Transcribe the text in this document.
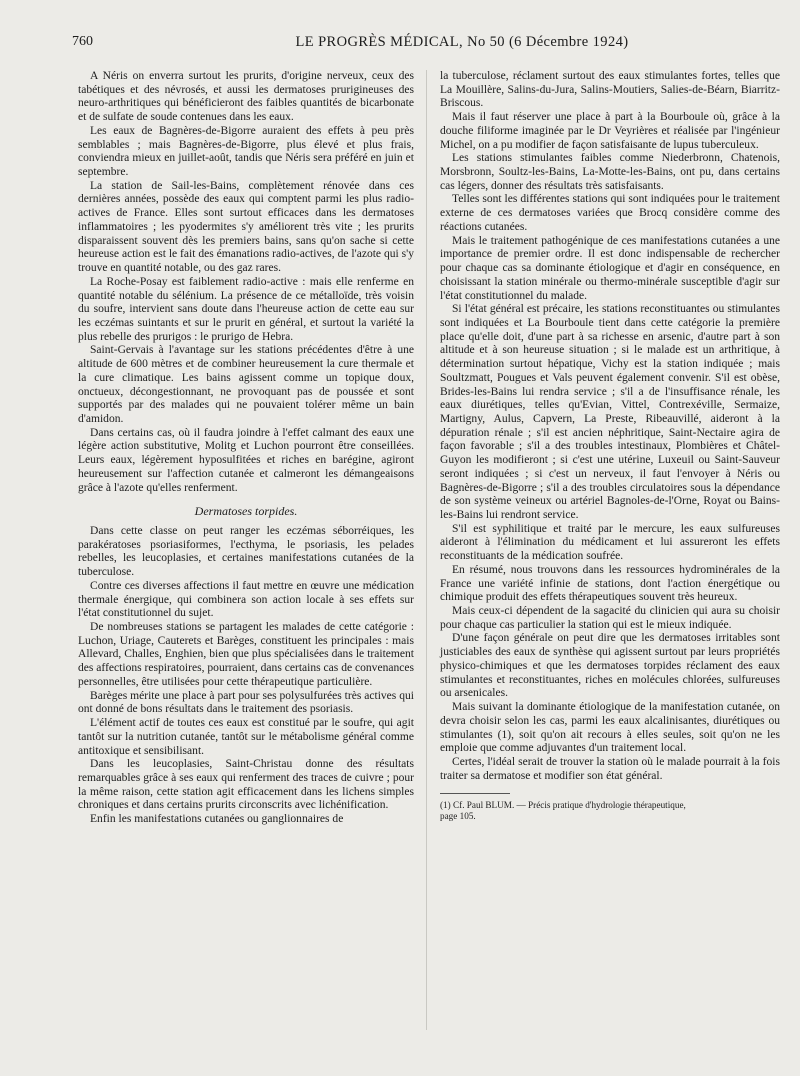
760	LE PROGRÈS MÉDICAL, No 50 (6 Décembre 1924)

A Néris on enverra surtout les prurits, d'origine nerveux, ceux des tabétiques et des névrosés, et aussi les dermatoses prurigineuses des neuro-arthritiques qui bénéficieront des faibles quantités de bicarbonate et de sulfate de soude contenues dans les eaux.

Les eaux de Bagnères-de-Bigorre auraient des effets à peu près semblables ; mais Bagnères-de-Bigorre, plus élevé et plus frais, conviendra mieux en juillet-août, tandis que Néris sera préféré en juin et septembre.

La station de Sail-les-Bains, complètement rénovée dans ces dernières années, possède des eaux qui comptent parmi les plus radio-actives de France. Elles sont surtout efficaces dans les dermatoses inflammatoires ; les pyodermites s'y améliorent très vite ; les prurits disparaissent souvent dès les premiers bains, sans qu'on sache si cette heureuse action est le fait des émanations radio-actives, de l'azote qui s'y trouve en quantité notable, ou des gaz rares.

La Roche-Posay est faiblement radio-active : mais elle renferme en quantité notable du sélénium. La présence de ce métalloïde, très voisin du soufre, intervient sans doute dans l'heureuse action de cette eau sur les eczémas suintants et sur le prurit en général, et surtout la variété la plus rebelle des prurigos : le prurigo de Hebra.

Saint-Gervais à l'avantage sur les stations précédentes d'être à une altitude de 600 mètres et de combiner heureusement la cure thermale et la cure climatique. Les bains agissent comme un topique doux, onctueux, décongestionnant, ne provoquant pas de poussée et sont supportés par des malades qui ne pouvaient tolérer même un bain d'amidon.

Dans certains cas, où il faudra joindre à l'effet calmant des eaux une légère action substitutive, Molitg et Luchon pourront être conseillées. Leurs eaux, légèrement hyposulfitées et riches en barégine, agiront heureusement sur l'affection cutanée et calmeront les démangeaisons grâce à l'azote qu'elles renferment.

Dermatoses torpides.

Dans cette classe on peut ranger les eczémas séborréiques, les parakératoses psoriasiformes, l'ecthyma, le psoriasis, les pelades rebelles, les leucoplasies, et certaines manifestations cutanées de la tuberculose.

Contre ces diverses affections il faut mettre en œuvre une médication thermale énergique, qui combinera son action locale à ses effets sur l'état constitutionnel du sujet.

De nombreuses stations se partagent les malades de cette catégorie : Luchon, Uriage, Cauterets et Barèges, constituent les principales : mais Allevard, Challes, Enghien, bien que plus spécialisées dans le traitement des affections respiratoires, pourraient, dans certains cas de convenances personnelles, être utilisées pour cette thérapeutique particulière.

Barèges mérite une place à part pour ses polysulfurées très actives qui ont donné de bons résultats dans le traitement des psoriasis.

L'élément actif de toutes ces eaux est constitué par le soufre, qui agit tantôt sur la nutrition cutanée, tantôt sur le métabolisme général comme antitoxique et sensibilisant.

Dans les leucoplasies, Saint-Christau donne des résultats remarquables grâce à ses eaux qui renferment des traces de cuivre ; pour la même raison, cette station agit efficacement dans les lichens simples chroniques et dans certains prurits circonscrits avec lichénification.

Enfin les manifestations cutanées ou ganglionnaires de

la tuberculose, réclament surtout des eaux stimulantes fortes, telles que La Mouillère, Salins-du-Jura, Salins-Moutiers, Salies-de-Béarn, Biarritz-Briscous.

Mais il faut réserver une place à part à la Bourboule où, grâce à la douche filiforme imaginée par le Dr Veyrières et réalisée par l'ingénieur Michel, on a pu modifier de façon satisfaisante de lupus tuberculeux.

Les stations stimulantes faibles comme Niederbronn, Chatenois, Morsbronn, Soultz-les-Bains, La-Motte-les-Bains, ont pu, dans certains cas légers, donner des résultats très satisfaisants.

Telles sont les différentes stations qui sont indiquées pour le traitement externe de ces dermatoses variées que Brocq considère comme des réactions cutanées.

Mais le traitement pathogénique de ces manifestations cutanées a une importance de premier ordre. Il est donc indispensable de rechercher pour chaque cas sa dominante étiologique et d'agir en conséquence, en choisissant la station minérale ou thermo-minérale susceptible d'agir sur l'état constitutionnel du malade.

Si l'état général est précaire, les stations reconstituantes ou stimulantes sont indiquées et La Bourboule tient dans cette catégorie la première place qu'elle doit, d'une part à sa richesse en arsenic, d'autre part à son altitude et à son heureuse situation ; si le malade est un arthritique, à détermination surtout hépatique, Vichy est la station indiquée ; mais Soultzmatt, Pougues et Vals peuvent également convenir. S'il est obèse, Brides-les-Bains lui rendra service ; s'il a de l'insuffisance rénale, les eaux diurétiques, telles qu'Evian, Vittel, Contrexéville, Sermaize, Martigny, Aulus, Capvern, La Preste, Ribeauvillé, aideront à la dépuration rénale ; s'il est ancien néphritique, Saint-Nectaire agira de façon favorable ; s'il a des troubles intestinaux, Plombières et Châtel-Guyon les modifieront ; si c'est une utérine, Luxeuil ou Saint-Sauveur seront indiquées ; si c'est un nerveux, il faut l'envoyer à Néris ou Bagnères-de-Bigorre ; s'il a des troubles circulatoires sous la dépendance de son système veineux ou artériel Bagnoles-de-l'Orne, Royat ou Bains-les-Bains lui rendront service.

S'il est syphilitique et traité par le mercure, les eaux sulfureuses aideront à l'élimination du médicament et lui assureront les effets reconstituants de la médication soufrée.

En résumé, nous trouvons dans les ressources hydrominérales de la France une variété infinie de stations, dont l'action énergétique ou chimique produit des effets thérapeutiques souvent très heureux.

Mais ceux-ci dépendent de la sagacité du clinicien qui aura su choisir pour chaque cas particulier la station qui est le mieux indiquée.

D'une façon générale on peut dire que les dermatoses irritables sont justiciables des eaux de synthèse qui agissent surtout par leurs propriétés physico-chimiques et que les dermatoses torpides réclament des eaux stimulantes et reconstituantes, riches en molécules chlorées, sulfureuses ou arsenicales.

Mais suivant la dominante étiologique de la manifestation cutanée, on devra choisir selon les cas, parmi les eaux alcalinisantes, diurétiques ou stimulantes (1), soit qu'on ait recours à elles seules, soit qu'on ne les emploie que comme adjuvantes d'un traitement local.

Certes, l'idéal serait de trouver la station où le malade pourrait à la fois traiter sa dermatose et modifier son état général.

(1) Cf. Paul BLUM. — Précis pratique d'hydrologie thérapeutique,
page 105.
